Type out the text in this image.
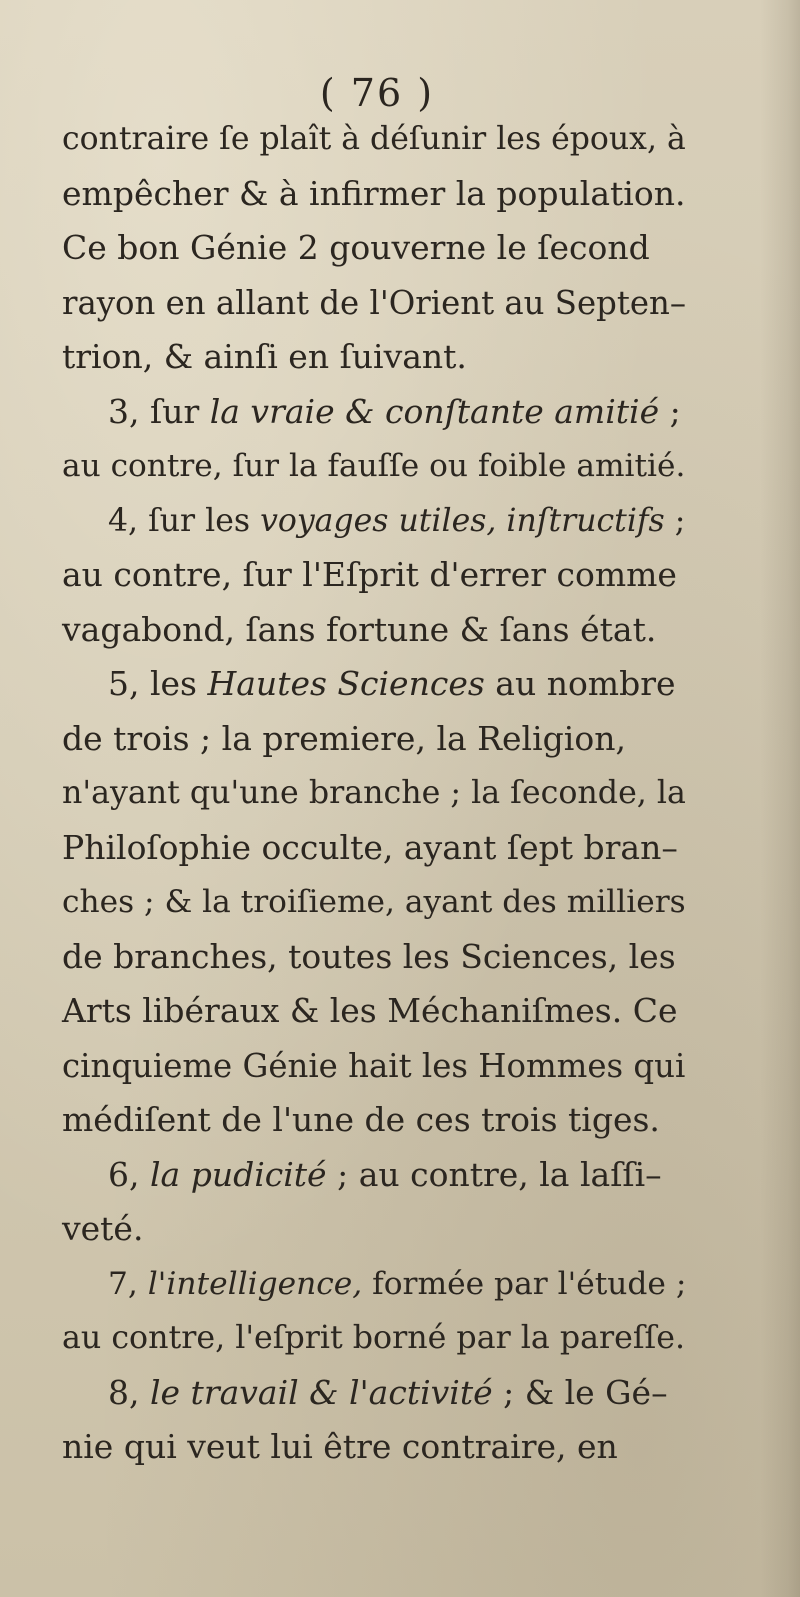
( 76 )
contraire ſe plaît à déſunir les époux, à
empêcher & à infirmer la population.
Ce bon Génie 2 gouverne le ſecond
rayon en allant de l'Orient au Septen–
trion, & ainſi en ſuivant.
3, ſur la vraie & conſtante amitié ;
au contre, ſur la fauſſe ou foible amitié.
4, ſur les voyages utiles, inſtructifs ;
au contre, ſur l'Eſprit d'errer comme
vagabond, ſans fortune & ſans état.
5, les Hautes Sciences au nombre
de trois ; la premiere, la Religion,
n'ayant qu'une branche ; la ſeconde, la
Philoſophie occulte, ayant ſept bran–
ches ; & la troiſieme, ayant des milliers
de branches, toutes les Sciences, les
Arts libéraux & les Méchaniſmes. Ce
cinquieme Génie hait les Hommes qui
médiſent de l'une de ces trois tiges.
6, la pudicité ; au contre, la laſſi–
veté.
7, l'intelligence, formée par l'étude ;
au contre, l'eſprit borné par la pareſſe.
8, le travail & l'activité ; & le Gé–
nie qui veut lui être contraire, en
